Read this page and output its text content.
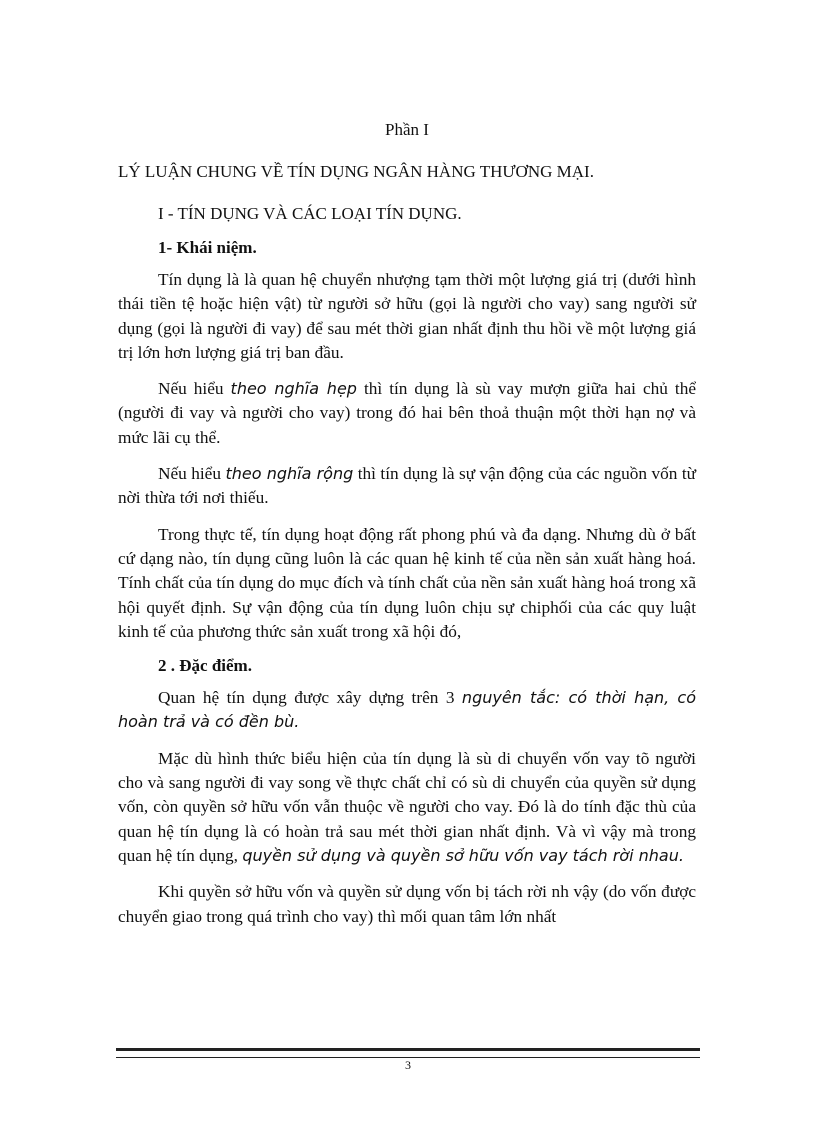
Phần I
LÝ LUẬN CHUNG VỀ TÍN DỤNG NGÂN HÀNG THƯƠNG MẠI.
I - TÍN DỤNG VÀ CÁC LOẠI TÍN DỤNG.
1- Khái niệm.

Tín dụng là là quan hệ chuyển nhượng tạm thời một lượng giá trị (dưới hình thái tiền tệ hoặc hiện vật) từ người sở hữu (gọi là người cho vay) sang người sử dụng (gọi là người đi vay) để sau mét thời gian nhất định thu hồi về một lượng giá trị lớn hơn lượng giá trị ban đầu.

Nếu hiểu theo nghĩa hẹp thì tín dụng là sù vay mượn giữa hai chủ thể (người đi vay và người cho vay) trong đó hai bên thoả thuận một thời hạn nợ và mức lãi cụ thể.

Nếu hiểu theo nghĩa rộng thì tín dụng là sự vận động của các nguồn vốn từ nời thừa tới nơi thiếu.

Trong thực tế, tín dụng hoạt động rất phong phú và đa dạng. Nhưng dù ở bất cứ dạng nào, tín dụng cũng luôn là các quan hệ kinh tế của nền sản xuất hàng hoá. Tính chất của tín dụng do mục đích và tính chất của nền sản xuất hàng hoá trong xã hội quyết định. Sự vận động của tín dụng luôn chịu sự chiphối của các quy luật kinh tế của phương thức sản xuất trong xã hội đó,

2 . Đặc điểm.

Quan hệ tín dụng được xây dựng trên 3 nguyên tắc: có thời hạn, có hoàn trả và có đền bù.

Mặc dù hình thức biểu hiện của tín dụng là sù di chuyển vốn vay tõ người cho và sang người đi vay song về thực chất chỉ có sù di chuyển của quyền sử dụng vốn, còn quyền sở hữu vốn vẫn thuộc về người cho vay. Đó là do tính đặc thù của quan hệ tín dụng là có hoàn trả sau mét thời gian nhất định. Và vì vậy mà trong quan hệ tín dụng, quyền sử dụng và quyền sở hữu vốn vay tách rời nhau.

Khi quyền sở hữu vốn và quyền sử dụng vốn bị tách rời nh vậy (do vốn được chuyển giao trong quá trình cho vay) thì mối quan tâm lớn nhất

3
